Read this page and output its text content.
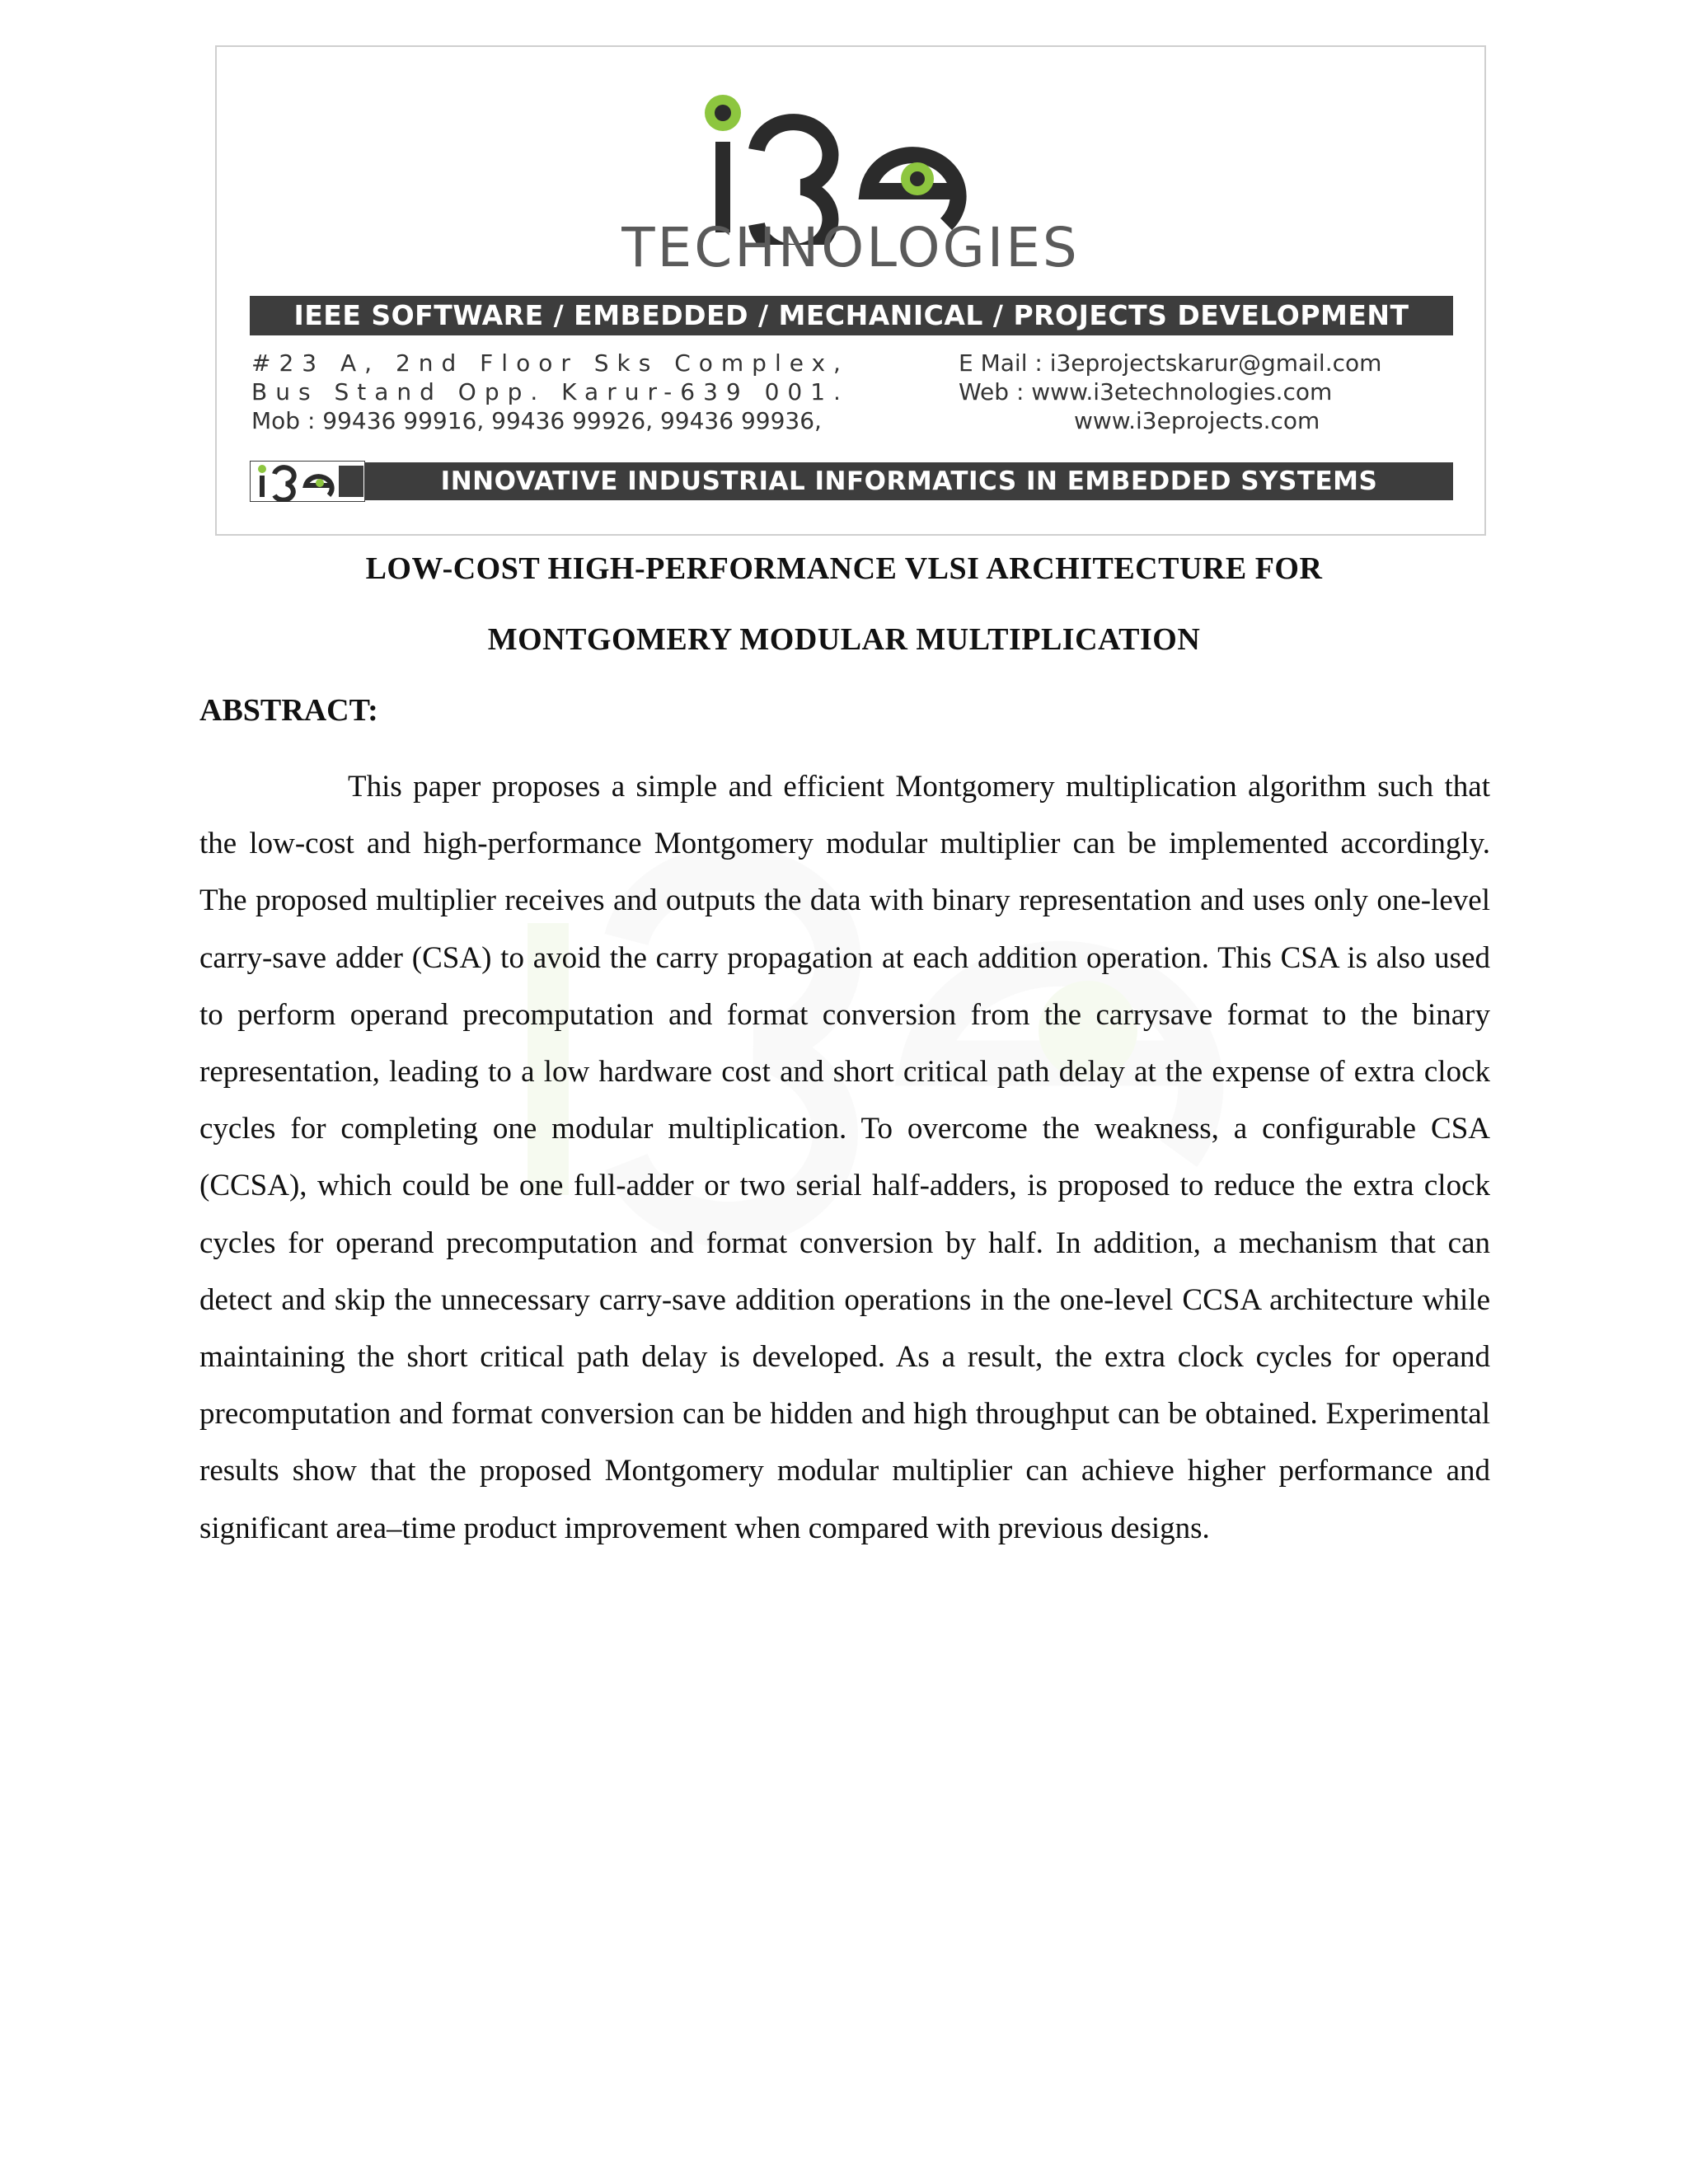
TECHNOLOGIES
IEEE SOFTWARE / EMBEDDED / MECHANICAL / PROJECTS DEVELOPMENT
#23 A, 2nd Floor Sks Complex,
Bus Stand Opp. Karur-639 001.
Mob : 99436 99916, 99436 99926, 99436 99936,
E Mail : i3eprojectskarur@gmail.com
Web : www.i3etechnologies.com
www.i3eprojects.com
INNOVATIVE INDUSTRIAL INFORMATICS IN EMBEDDED SYSTEMS
LOW-COST HIGH-PERFORMANCE VLSI ARCHITECTURE FOR
MONTGOMERY MODULAR MULTIPLICATION
ABSTRACT:

This paper proposes a simple and efficient Montgomery multiplication algorithm such that the low-cost and high-performance Montgomery modular multiplier can be implemented accordingly. The proposed multiplier receives and outputs the data with binary representation and uses only one-level carry-save adder (CSA) to avoid the carry propagation at each addition operation. This CSA is also used to perform operand precomputation and format conversion from the carrysave format to the binary representation, leading to a low hardware cost and short critical path delay at the expense of extra clock cycles for completing one modular multiplication. To overcome the weakness, a configurable CSA (CCSA), which could be one full-adder or two serial half-adders, is proposed to reduce the extra clock cycles for operand precomputation and format conversion by half. In addition, a mechanism that can detect and skip the unnecessary carry-save addition operations in the one-level CCSA architecture while maintaining the short critical path delay is developed. As a result, the extra clock cycles for operand precomputation and format conversion can be hidden and high throughput can be obtained. Experimental results show that the proposed Montgomery modular multiplier can achieve higher performance and significant area–time product improvement when compared with previous designs.
